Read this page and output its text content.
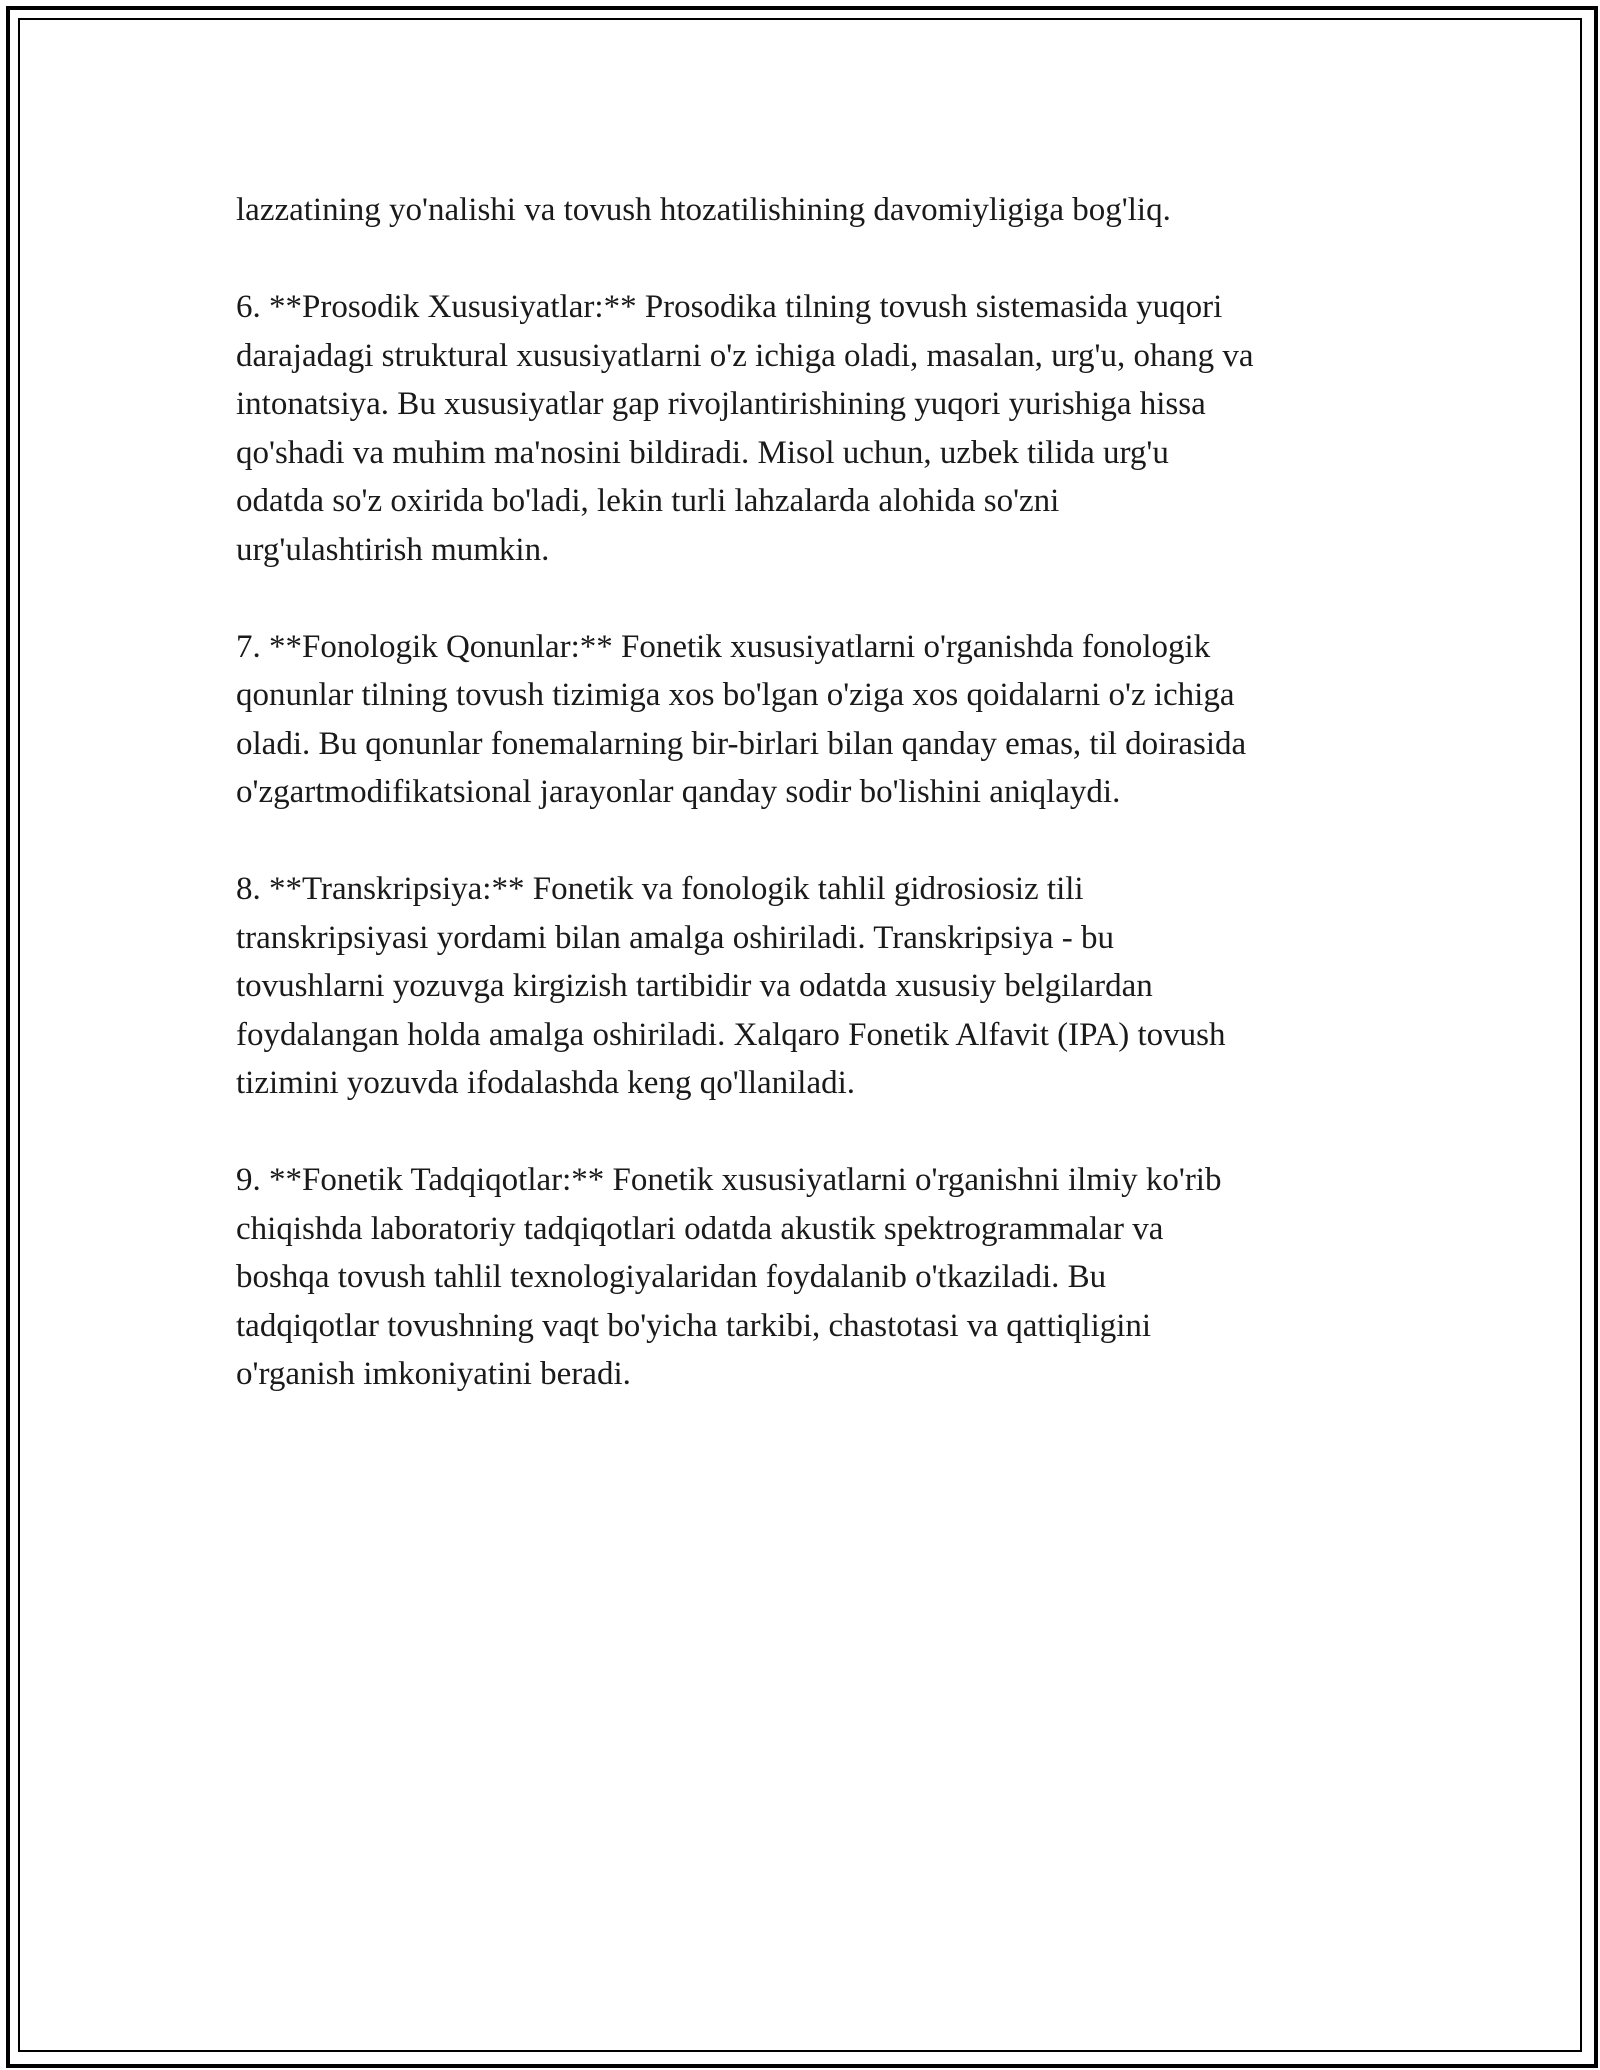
lazzatining yo'nalishi va tovush htozatilishining davomiyligiga bog'liq.

6. **Prosodik Xususiyatlar:** Prosodika tilning tovush sistemasida yuqori
darajadagi struktural xususiyatlarni o'z ichiga oladi, masalan, urg'u, ohang va
intonatsiya. Bu xususiyatlar gap rivojlantirishining yuqori yurishiga hissa
qo'shadi va muhim ma'nosini bildiradi. Misol uchun, uzbek tilida urg'u
odatda so'z oxirida bo'ladi, lekin turli lahzalarda alohida so'zni
urg'ulashtirish mumkin.

7. **Fonologik Qonunlar:** Fonetik xususiyatlarni o'rganishda fonologik
qonunlar tilning tovush tizimiga xos bo'lgan o'ziga xos qoidalarni o'z ichiga
oladi. Bu qonunlar fonemalarning bir-birlari bilan qanday emas, til doirasida
o'zgartmodifikatsional jarayonlar qanday sodir bo'lishini aniqlaydi.

8. **Transkripsiya:** Fonetik va fonologik tahlil gidrosiosiz tili
transkripsiyasi yordami bilan amalga oshiriladi. Transkripsiya - bu
tovushlarni yozuvga kirgizish tartibidir va odatda xususiy belgilardan
foydalangan holda amalga oshiriladi. Xalqaro Fonetik Alfavit (IPA) tovush
tizimini yozuvda ifodalashda keng qo'llaniladi.

9. **Fonetik Tadqiqotlar:** Fonetik xususiyatlarni o'rganishni ilmiy ko'rib
chiqishda laboratoriy tadqiqotlari odatda akustik spektrogrammalar va
boshqa tovush tahlil texnologiyalaridan foydalanib o'tkaziladi. Bu
tadqiqotlar tovushning vaqt bo'yicha tarkibi, chastotasi va qattiqligini
o'rganish imkoniyatini beradi.
